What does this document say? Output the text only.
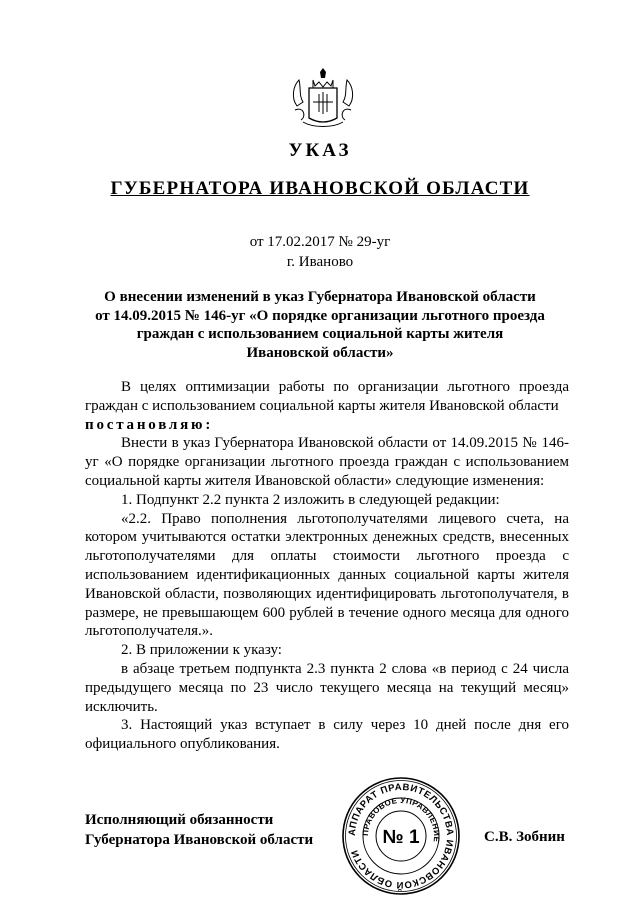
УКАЗ
ГУБЕРНАТОРА ИВАНОВСКОЙ ОБЛАСТИ
от 17.02.2017 № 29-уг
г. Иваново
О внесении изменений в указ Губернатора Ивановской области
от 14.09.2015 № 146-уг «О порядке организации льготного проезда
граждан с использованием социальной карты жителя
Ивановской области»

В целях оптимизации работы по организации льготного проезда граждан с использованием социальной карты жителя Ивановской области

постановляю:

Внести в указ Губернатора Ивановской области от 14.09.2015 № 146-уг «О порядке организации льготного проезда граждан с использованием социальной карты жителя Ивановской области» следующие изменения:

1. Подпункт 2.2 пункта 2 изложить в следующей редакции:

«2.2. Право пополнения льготополучателями лицевого счета, на котором учитываются остатки электронных денежных средств, внесенных льготополучателями для оплаты стоимости льготного проезда с использованием идентификационных данных социальной карты жителя Ивановской области, позволяющих идентифицировать льготополучателя, в размере, не превышающем 600 рублей в течение одного месяца для одного льготополучателя.».

2. В приложении к указу:

в абзаце третьем подпункта 2.3 пункта 2 слова «в период с 24 числа предыдущего месяца по 23 число текущего месяца на текущий месяц» исключить.

3. Настоящий указ вступает в силу через 10 дней после дня его официального опубликования.

Исполняющий обязанности
Губернатора Ивановской области	С.В. Зобнин
АППАРАТ ПРАВИТЕЛЬСТВА ИВАНОВСКОЙ ОБЛАСТИ
ПРАВОВОЕ УПРАВЛЕНИЕ
№ 1
